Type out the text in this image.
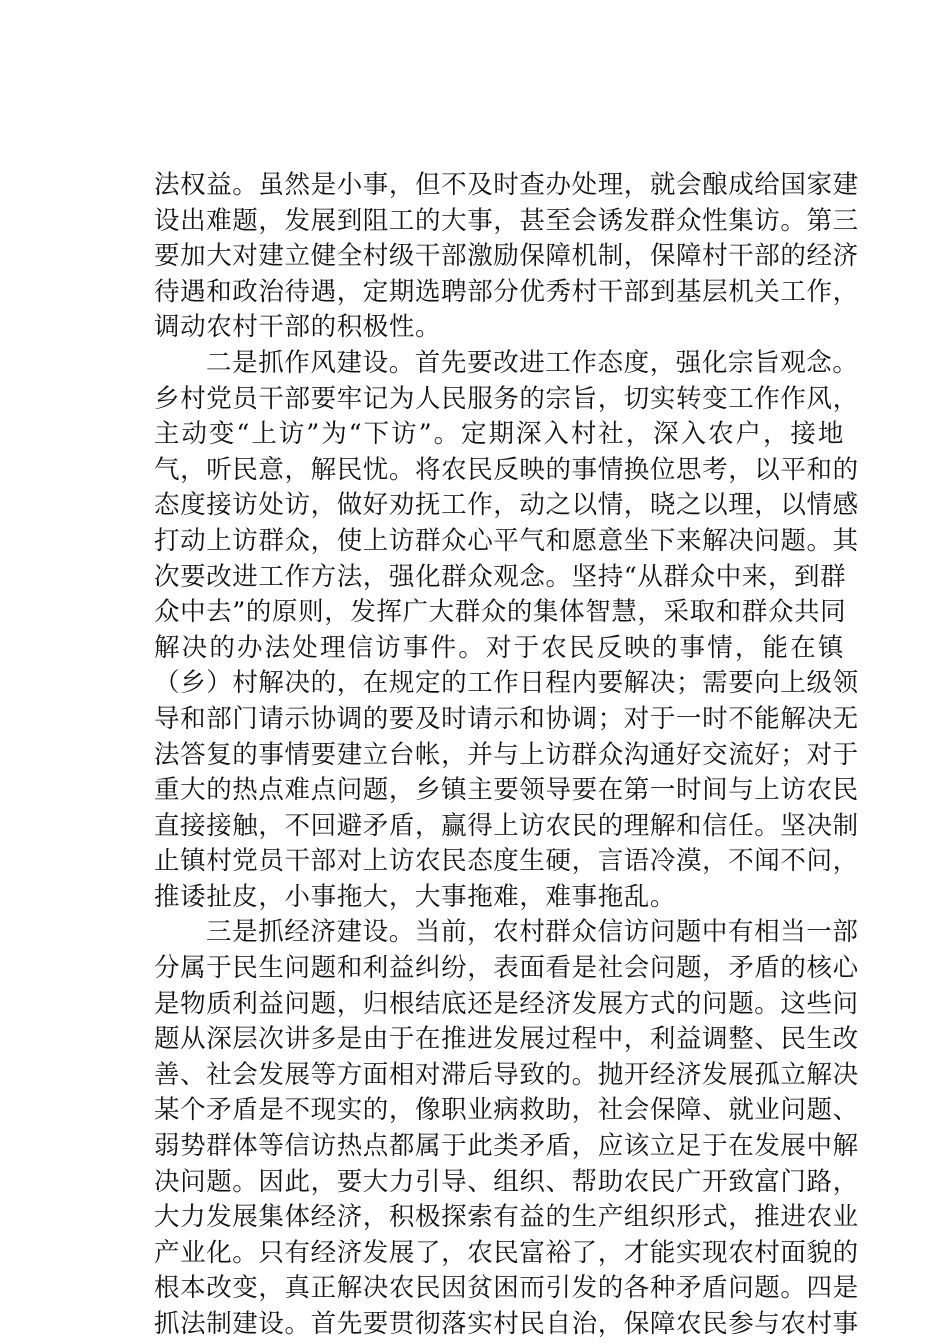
法权益。虽然是小事，但不及时查办处理，就会酿成给国家建
设出难题，发展到阻工的大事，甚至会诱发群众性集访。第三
要加大对建立健全村级干部激励保障机制，保障村干部的经济
待遇和政治待遇，定期选聘部分优秀村干部到基层机关工作，
调动农村干部的积极性。
二是抓作风建设。首先要改进工作态度，强化宗旨观念。
乡村党员干部要牢记为人民服务的宗旨，切实转变工作作风，
主动变“上访”为“下访”。定期深入村社，深入农户，接地
气，听民意，解民忧。将农民反映的事情换位思考，以平和的
态度接访处访，做好劝抚工作，动之以情，晓之以理，以情感
打动上访群众，使上访群众心平气和愿意坐下来解决问题。其
次要改进工作方法，强化群众观念。坚持“从群众中来，到群
众中去”的原则，发挥广大群众的集体智慧，采取和群众共同
解决的办法处理信访事件。对于农民反映的事情，能在镇
（乡）村解决的，在规定的工作日程内要解决；需要向上级领
导和部门请示协调的要及时请示和协调；对于一时不能解决无
法答复的事情要建立台帐，并与上访群众沟通好交流好；对于
重大的热点难点问题，乡镇主要领导要在第一时间与上访农民
直接接触，不回避矛盾，赢得上访农民的理解和信任。坚决制
止镇村党员干部对上访农民态度生硬，言语冷漠，不闻不问，
推诿扯皮，小事拖大，大事拖难，难事拖乱。
三是抓经济建设。当前，农村群众信访问题中有相当一部
分属于民生问题和利益纠纷，表面看是社会问题，矛盾的核心
是物质利益问题，归根结底还是经济发展方式的问题。这些问
题从深层次讲多是由于在推进发展过程中，利益调整、民生改
善、社会发展等方面相对滞后导致的。抛开经济发展孤立解决
某个矛盾是不现实的，像职业病救助，社会保障、就业问题、
弱势群体等信访热点都属于此类矛盾，应该立足于在发展中解
决问题。因此，要大力引导、组织、帮助农民广开致富门路，
大力发展集体经济，积极探索有益的生产组织形式，推进农业
产业化。只有经济发展了，农民富裕了，才能实现农村面貌的
根本改变，真正解决农民因贫困而引发的各种矛盾问题。四是
抓法制建设。首先要贯彻落实村民自治，保障农民参与农村事
